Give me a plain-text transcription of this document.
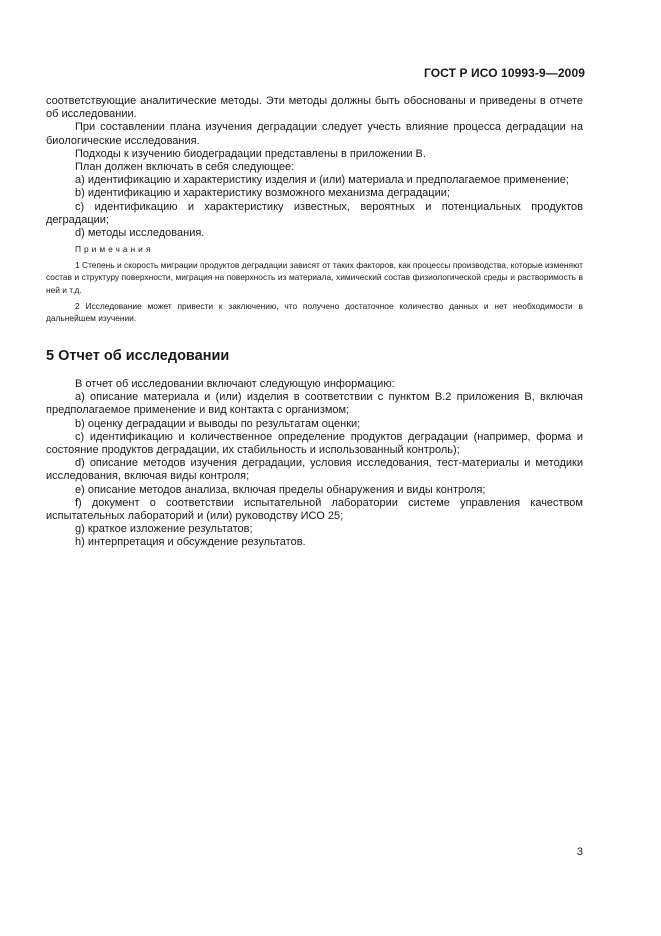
ГОСТ Р ИСО 10993-9—2009

соответствующие аналитические методы. Эти методы должны быть обоснованы и приведены в отчете об исследовании.

При составлении плана изучения деградации следует учесть влияние процесса деградации на биологические исследования.

Подходы к изучению биодеградации представлены в приложении B.

План должен включать в себя следующее:

a) идентификацию и характеристику изделия и (или) материала и предполагаемое применение;

b) идентификацию и характеристику возможного механизма деградации;

c) идентификацию и характеристику известных, вероятных и потенциальных продуктов деградации;

d) методы исследования.

Примечания

1 Степень и скорость миграции продуктов деградации зависят от таких факторов, как процессы производства, которые изменяют состав и структуру поверхности, миграция на поверхность из материала, химический состав физиологической среды и растворимость в ней и т.д.

2 Исследование может привести к заключению, что получено достаточное количество данных и нет необходимости в дальнейшем изучении.

5 Отчет об исследовании

В отчет об исследовании включают следующую информацию:

a) описание материала и (или) изделия в соответствии с пунктом B.2 приложения B, включая предполагаемое применение и вид контакта с организмом;

b) оценку деградации и выводы по результатам оценки;

c) идентификацию и количественное определение продуктов деградации (например, форма и состояние продуктов деградации, их стабильность и использованный контроль);

d) описание методов изучения деградации, условия исследования, тест-материалы и методики исследования, включая виды контроля;

e) описание методов анализа, включая пределы обнаружения и виды контроля;

f) документ о соответствии испытательной лаборатории системе управления качеством испытательных лабораторий и (или) руководству ИСО 25;

g) краткое изложение результатов;

h) интерпретация и обсуждение результатов.

3
